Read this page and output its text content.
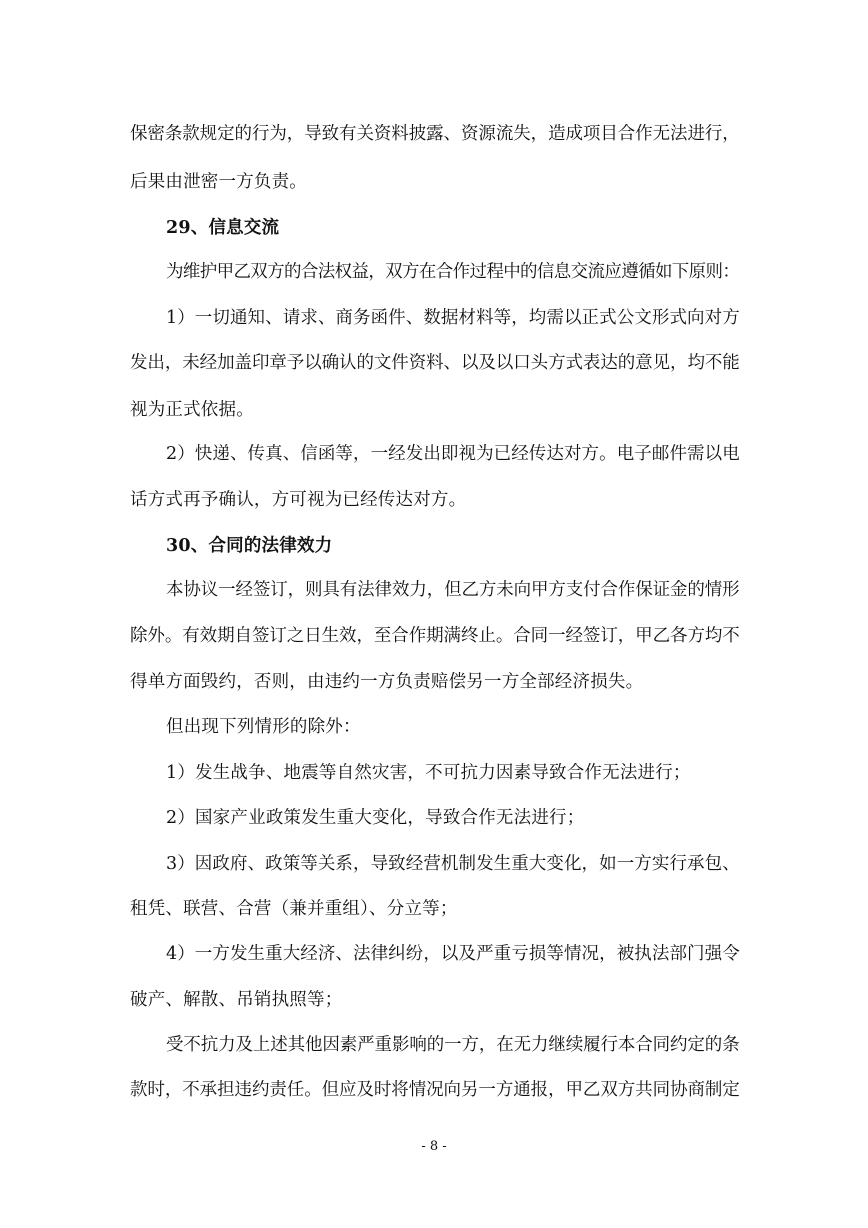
保密条款规定的行为，导致有关资料披露、资源流失，造成项目合作无法进行，
后果由泄密一方负责。
29、信息交流
为维护甲乙双方的合法权益，双方在合作过程中的信息交流应遵循如下原则：
1）一切通知、请求、商务函件、数据材料等，均需以正式公文形式向对方
发出，未经加盖印章予以确认的文件资料、以及以口头方式表达的意见，均不能
视为正式依据。
2）快递、传真、信函等，一经发出即视为已经传达对方。电子邮件需以电
话方式再予确认，方可视为已经传达对方。
30、合同的法律效力
本协议一经签订，则具有法律效力，但乙方未向甲方支付合作保证金的情形
除外。有效期自签订之日生效，至合作期满终止。合同一经签订，甲乙各方均不
得单方面毁约，否则，由违约一方负责赔偿另一方全部经济损失。
但出现下列情形的除外：
1）发生战争、地震等自然灾害，不可抗力因素导致合作无法进行；
2）国家产业政策发生重大变化，导致合作无法进行；
3）因政府、政策等关系，导致经营机制发生重大变化，如一方实行承包、
租凭、联营、合营（兼并重组）、分立等；
4）一方发生重大经济、法律纠纷，以及严重亏损等情况，被执法部门强令
破产、解散、吊销执照等；
受不抗力及上述其他因素严重影响的一方，在无力继续履行本合同约定的条
款时，不承担违约责任。但应及时将情况向另一方通报，甲乙双方共同协商制定
- 8 -
